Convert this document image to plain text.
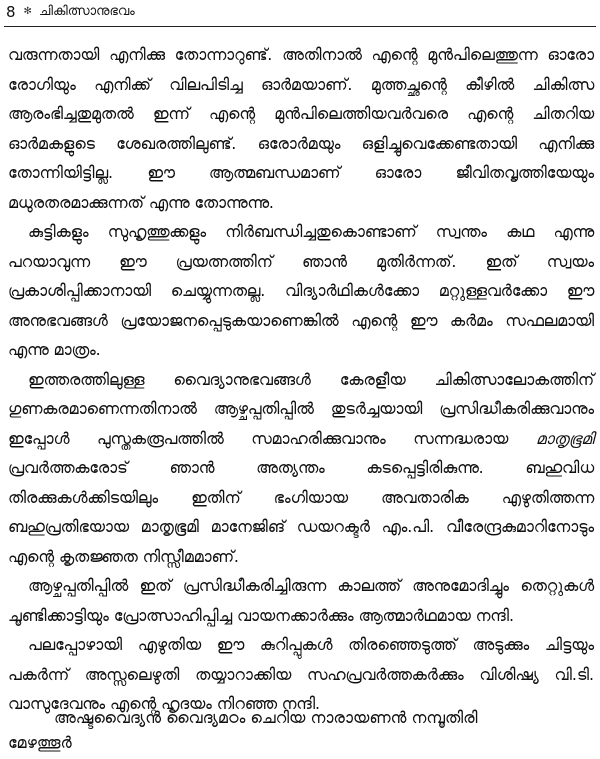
8 ✻ ചികിത്സാനുഭവം

വരുന്നതായി എനിക്കു തോന്നാറുണ്ട്. അതിനാൽ എന്റെ മുൻപിലെത്തുന്ന ഓരോ രോഗിയും എനിക്ക് വിലപിടിച്ച ഓർമയാണ്. മുത്തച്ഛന്റെ കീഴിൽ ചികിത്സ ആരംഭിച്ചതുമുതൽ ഇന്ന് എന്റെ മുൻപിലെത്തിയവർവരെ എന്റെ ചിതറിയ ഓർമകളുടെ ശേഖരത്തിലുണ്ട്. ഒരോർമയും ഒളിച്ചുവെക്കേണ്ടതായി എനിക്കു തോന്നിയിട്ടില്ല. ഈ ആത്മബന്ധമാണ് ഓരോ ജീവിതവൃത്തിയേയും മധുരതരമാക്കുന്നത് എന്നു തോന്നുന്നു.

കുട്ടികളും സുഹൃത്തുക്കളും നിർബന്ധിച്ചതുകൊണ്ടാണ് സ്വന്തം കഥ എന്നു പറയാവുന്ന ഈ പ്രയത്നത്തിന് ഞാൻ മുതിർന്നത്. ഇത് സ്വയം പ്രകാശിപ്പിക്കാനായി ചെയ്യുന്നതല്ല. വിദ്യാർഥികൾക്കോ മറ്റുള്ളവർക്കോ ഈ അനുഭവങ്ങൾ പ്രയോജനപ്പെടുകയാണെങ്കിൽ എന്റെ ഈ കർമം സഫലമായി എന്നു മാത്രം.

ഇത്തരത്തിലുള്ള വൈദ്യാനുഭവങ്ങൾ കേരളീയ ചികിത്സാലോകത്തിന് ഗുണകരമാണെന്നതിനാൽ ആഴ്ചപ്പതിപ്പിൽ തുടർച്ചയായി പ്രസിദ്ധീകരിക്കുവാനും ഇപ്പോൾ പുസ്തകരൂപത്തിൽ സമാഹരിക്കുവാനും സന്നദ്ധരായ മാതൃഭൂമി പ്രവർത്തകരോട് ഞാൻ അത്യന്തം കടപ്പെട്ടിരികുന്നു. ബഹുവിധ തിരക്കുകൾക്കിടയിലും ഇതിന് ഭംഗിയായ അവതാരിക എഴുതിത്തന്ന ബഹുപ്രതിഭയായ മാതൃഭൂമി മാനേജിങ് ഡയറക്ടർ എം.പി. വീരേന്ദ്രകുമാറിനോടും എന്റെ കൃതജ്ഞത നിസ്സീമമാണ്.

ആഴ്ചപ്പതിപ്പിൽ ഇത് പ്രസിദ്ധീകരിച്ചിരുന്ന കാലത്ത് അനുമോദിച്ചും തെറ്റുകൾ ചൂണ്ടിക്കാട്ടിയും പ്രോത്സാഹിപ്പിച്ച വായനക്കാർക്കും ആത്മാർഥമായ നന്ദി.

പലപ്പോഴായി എഴുതിയ ഈ കുറിപ്പുകൾ തിരഞ്ഞെടുത്ത് അടുക്കും ചിട്ടയും പകർന്ന് അസ്സലെഴുതി തയ്യാറാക്കിയ സഹപ്രവർത്തകർക്കും വിശിഷ്യ വി.ടി. വാസുദേവനും എന്റെ ഹൃദയം നിറഞ്ഞ നന്ദി.

അഷ്ടവൈദ്യൻ വൈദ്യമഠം ചെറിയ നാരായണൻ നമ്പൂതിരി
മേഴത്തൂർ
